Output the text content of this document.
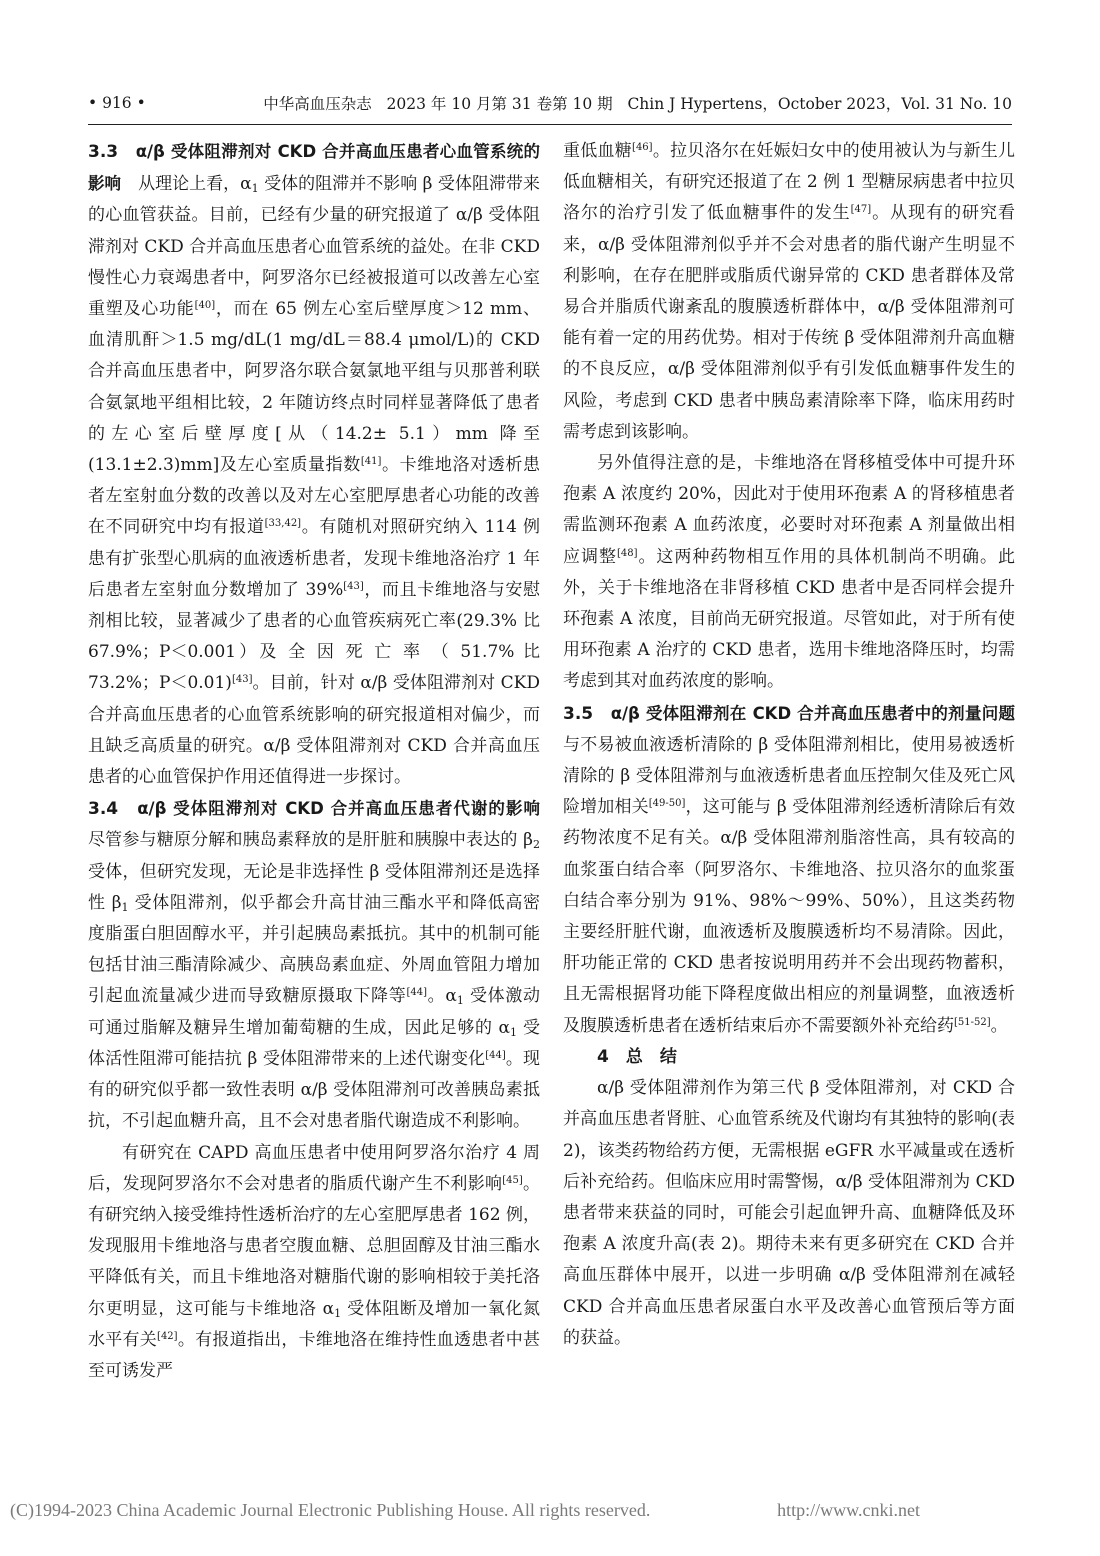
• 916 •	中华高血压杂志 2023 年 10 月第 31 卷第 10 期 Chin J Hypertens，October 2023，Vol. 31 No. 10

3.3　 α/β 受体阻滞剂对 CKD 合并高血压患者心血管系统的影响　 从理论上看，$\alpha_1$ 受体的阻滞并不影响 β 受体阻滞带来的心血管获益。目前，已经有少量的研究报道了 α/β 受体阻滞剂对 CKD 合并高血压患者心血管系统的益处。在非 CKD 慢性心力衰竭患者中，阿罗洛尔已经被报道可以改善左心室重塑及心功能[40]，而在 65 例左心室后壁厚度＞12 mm、血清肌酐＞1.5 mg/dL(1 mg/dL＝88.4 μmol/L)的 CKD 合并高血压患者中，阿罗洛尔联合氨氯地平组与贝那普利联合氨氯地平组相比较，2 年随访终点时同样显著降低了患者的左心室后壁厚度[从（14.2± 5.1）mm 降至(13.1±2.3)mm]及左心室质量指数[41]。卡维地洛对透析患者左室射血分数的改善以及对左心室肥厚患者心功能的改善在不同研究中均有报道[33,42]。有随机对照研究纳入 114 例患有扩张型心肌病的血液透析患者，发现卡维地洛治疗 1 年后患者左室射血分数增加了 39%[43]，而且卡维地洛与安慰剂相比较，显著减少了患者的心血管疾病死亡率(29.3% 比 67.9%；P＜0.001）及 全 因 死 亡 率 （ 51.7% 比 73.2%；P＜0.01)[43]。目前，针对 α/β 受体阻滞剂对 CKD 合并高血压患者的心血管系统影响的研究报道相对偏少，而且缺乏高质量的研究。α/β 受体阻滞剂对 CKD 合并高血压患者的心血管保护作用还值得进一步探讨。

3.4　 α/β 受体阻滞剂对 CKD 合并高血压患者代谢的影响　尽管参与糖原分解和胰岛素释放的是肝脏和胰腺中表达的 $\beta_2$ 受体，但研究发现，无论是非选择性 β 受体阻滞剂还是选择性 $\beta_1$ 受体阻滞剂，似乎都会升高甘油三酯水平和降低高密度脂蛋白胆固醇水平，并引起胰岛素抵抗。其中的机制可能包括甘油三酯清除减少、高胰岛素血症、外周血管阻力增加引起血流量减少进而导致糖原摄取下降等[44]。$\alpha_1$ 受体激动可通过脂解及糖异生增加葡萄糖的生成，因此足够的 $\alpha_1$ 受体活性阻滞可能拮抗 β 受体阻滞带来的上述代谢变化[44]。现有的研究似乎都一致性表明 α/β 受体阻滞剂可改善胰岛素抵抗，不引起血糖升高，且不会对患者脂代谢造成不利影响。

有研究在 CAPD 高血压患者中使用阿罗洛尔治疗 4 周后，发现阿罗洛尔不会对患者的脂质代谢产生不利影响[45]。有研究纳入接受维持性透析治疗的左心室肥厚患者 162 例，发现服用卡维地洛与患者空腹血糖、总胆固醇及甘油三酯水平降低有关，而且卡维地洛对糖脂代谢的影响相较于美托洛尔更明显，这可能与卡维地洛 $\alpha_1$ 受体阻断及增加一氧化氮水平有关[42]。有报道指出，卡维地洛在维持性血透患者中甚至可诱发严

重低血糖[46]。拉贝洛尔在妊娠妇女中的使用被认为与新生儿低血糖相关，有研究还报道了在 2 例 1 型糖尿病患者中拉贝洛尔的治疗引发了低血糖事件的发生[47]。从现有的研究看来，α/β 受体阻滞剂似乎并不会对患者的脂代谢产生明显不利影响，在存在肥胖或脂质代谢异常的 CKD 患者群体及常易合并脂质代谢紊乱的腹膜透析群体中，α/β 受体阻滞剂可能有着一定的用药优势。相对于传统 β 受体阻滞剂升高血糖的不良反应，α/β 受体阻滞剂似乎有引发低血糖事件发生的风险，考虑到 CKD 患者中胰岛素清除率下降，临床用药时需考虑到该影响。

另外值得注意的是，卡维地洛在肾移植受体中可提升环孢素 A 浓度约 20%，因此对于使用环孢素 A 的肾移植患者需监测环孢素 A 血药浓度，必要时对环孢素 A 剂量做出相应调整[48]。这两种药物相互作用的具体机制尚不明确。此外，关于卡维地洛在非肾移植 CKD 患者中是否同样会提升环孢素 A 浓度，目前尚无研究报道。尽管如此，对于所有使用环孢素 A 治疗的 CKD 患者，选用卡维地洛降压时，均需考虑到其对血药浓度的影响。

3.5　 α/β 受体阻滞剂在 CKD 合并高血压患者中的剂量问题　与不易被血液透析清除的 β 受体阻滞剂相比，使用易被透析清除的 β 受体阻滞剂与血液透析患者血压控制欠佳及死亡风险增加相关[49-50]，这可能与 β 受体阻滞剂经透析清除后有效药物浓度不足有关。α/β 受体阻滞剂脂溶性高，具有较高的血浆蛋白结合率（阿罗洛尔、卡维地洛、拉贝洛尔的血浆蛋白结合率分别为 91%、98%～99%、50%），且这类药物主要经肝脏代谢，血液透析及腹膜透析均不易清除。因此，肝功能正常的 CKD 患者按说明用药并不会出现药物蓄积，且无需根据肾功能下降程度做出相应的剂量调整，血液透析及腹膜透析患者在透析结束后亦不需要额外补充给药[51-52]。

4　总　结

α/β 受体阻滞剂作为第三代 β 受体阻滞剂，对 CKD 合并高血压患者肾脏、心血管系统及代谢均有其独特的影响(表 2)，该类药物给药方便，无需根据 eGFR 水平减量或在透析后补充给药。但临床应用时需警惕，α/β 受体阻滞剂为 CKD 患者带来获益的同时，可能会引起血钾升高、血糖降低及环孢素 A 浓度升高(表 2)。期待未来有更多研究在 CKD 合并高血压群体中展开，以进一步明确 α/β 受体阻滞剂在减轻 CKD 合并高血压患者尿蛋白水平及改善心血管预后等方面的获益。

(C)1994-2023 China Academic Journal Electronic Publishing House. All rights reserved.	http://www.cnki.net
